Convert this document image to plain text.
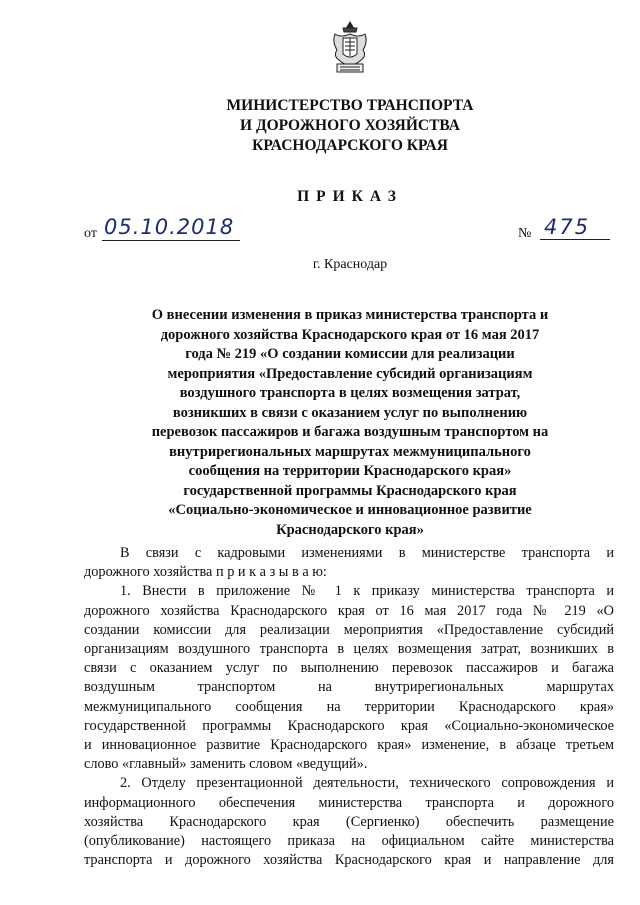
МИНИСТЕРСТВО ТРАНСПОРТА
И ДОРОЖНОГО ХОЗЯЙСТВА
КРАСНОДАРСКОГО КРАЯ
ПРИКАЗ
от 05.10.2018	№ 475
г. Краснодар
О внесении изменения в приказ министерства транспорта и
дорожного хозяйства Краснодарского края от 16 мая 2017
года № 219 «О создании комиссии для реализации
мероприятия «Предоставление субсидий организациям
воздушного транспорта в целях возмещения затрат,
возникших в связи с оказанием услуг по выполнению
перевозок пассажиров и багажа воздушным транспортом на
внутрирегиональных маршрутах межмуниципального
сообщения на территории Краснодарского края»
государственной программы Краснодарского края
«Социально-экономическое и инновационное развитие
Краснодарского края»
В связи с кадровыми изменениями в министерстве транспорта и
дорожного хозяйства п р и к а з ы в а ю:
1. Внести в приложение № 1 к приказу министерства транспорта и
дорожного хозяйства Краснодарского края от 16 мая 2017 года № 219 «О
создании комиссии для реализации мероприятия «Предоставление субсидий
организациям воздушного транспорта в целях возмещения затрат, возникших в
связи с оказанием услуг по выполнению перевозок пассажиров и багажа
воздушным транспортом на внутрирегиональных маршрутах
межмуниципального сообщения на территории Краснодарского края»
государственной программы Краснодарского края «Социально-экономическое
и инновационное развитие Краснодарского края» изменение, в абзаце третьем
слово «главный» заменить словом «ведущий».
2. Отделу презентационной деятельности, технического сопровождения и
информационного обеспечения министерства транспорта и дорожного
хозяйства Краснодарского края (Сергиенко) обеспечить размещение
(опубликование) настоящего приказа на официальном сайте министерства
транспорта и дорожного хозяйства Краснодарского края и направление для
